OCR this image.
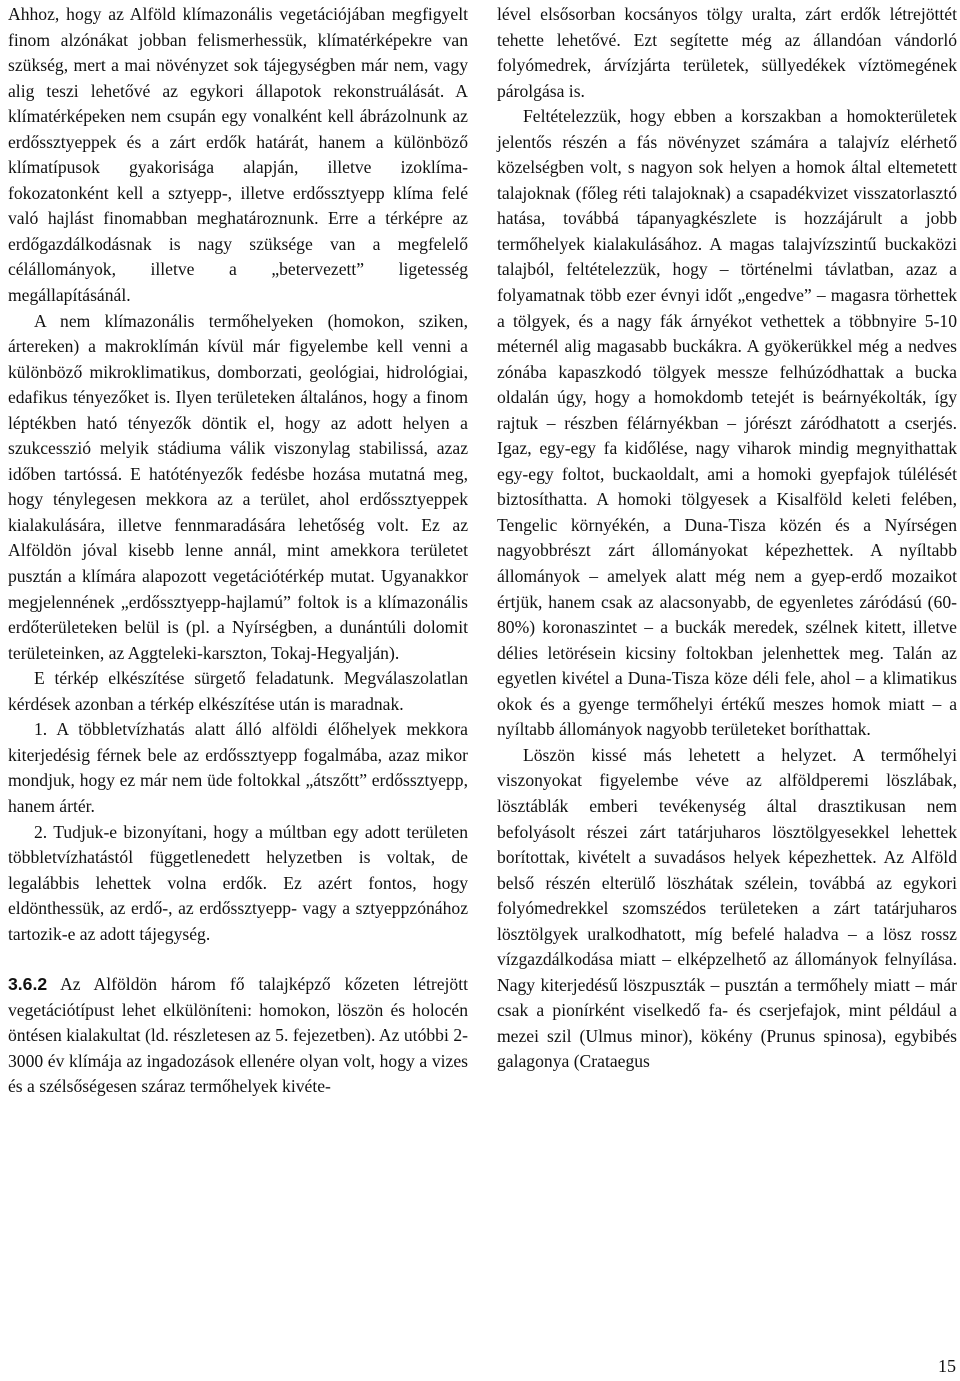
Ahhoz, hogy az Alföld klímazonális vegetációjában megfigyelt finom alzónákat jobban felismerhessük, klímatérképekre van szükség, mert a mai növényzet sok tájegységben már nem, vagy alig teszi lehetővé az egykori állapotok rekonstruálását. A klímatérképeken nem csupán egy vonalként kell ábrázolnunk az erdőssztyeppek és a zárt erdők határát, hanem a különböző klímatípusok gyakorisága alapján, illetve izoklíma-fokozatonként kell a sztyepp-, illetve erdőssztyepp klíma felé való hajlást finomabban meghatároznunk. Erre a térképre az erdőgazdálkodásnak is nagy szüksége van a megfelelő célállományok, illetve a „betervezett” ligetesség megállapításánál.

A nem klímazonális termőhelyeken (homokon, sziken, ártereken) a makroklímán kívül már figyelembe kell venni a különböző mikroklimatikus, domborzati, geológiai, hidrológiai, edafikus tényezőket is. Ilyen területeken általános, hogy a finom léptékben ható tényezők döntik el, hogy az adott helyen a szukcesszió melyik stádiuma válik viszonylag stabilissá, azaz időben tartóssá. E hatótényezők fedésbe hozása mutatná meg, hogy ténylegesen mekkora az a terület, ahol erdőssztyeppek kialakulására, illetve fennmaradására lehetőség volt. Ez az Alföldön jóval kisebb lenne annál, mint amekkora területet pusztán a klímára alapozott vegetációtérkép mutat. Ugyanakkor megjelennének „erdőssztyepp-hajlamú” foltok is a klímazonális erdőterületeken belül is (pl. a Nyírségben, a dunántúli dolomit területeinken, az Aggteleki-karszton, Tokaj-Hegyalján).

E térkép elkészítése sürgető feladatunk. Megválaszolatlan kérdések azonban a térkép elkészítése után is maradnak.

1. A többletvízhatás alatt álló alföldi élőhelyek mekkora kiterjedésig férnek bele az erdőssztyepp fogalmába, azaz mikor mondjuk, hogy ez már nem üde foltokkal „átszőtt” erdőssztyepp, hanem ártér.

2. Tudjuk-e bizonyítani, hogy a múltban egy adott területen többletvízhatástól függetlenedett helyzetben is voltak, de legalábbis lehettek volna erdők. Ez azért fontos, hogy eldönthessük, az erdő-, az erdőssztyepp- vagy a sztyeppzónához tartozik-e az adott tájegység.

3.6.2 Az Alföldön három fő talajképző kőzeten létrejött vegetációtípust lehet elkülöníteni: homokon, löszön és holocén öntésen kialakultat (ld. részletesen az 5. fejezetben). Az utóbbi 2-3000 év klímája az ingadozások ellenére olyan volt, hogy a vizes és a szélsőségesen száraz termőhelyek kivéte-

lével elsősorban kocsányos tölgy uralta, zárt erdők létrejöttét tehette lehetővé. Ezt segítette még az állandóan vándorló folyómedrek, árvízjárta területek, süllyedékek víztömegének párolgása is.

Feltételezzük, hogy ebben a korszakban a homokterületek jelentős részén a fás növényzet számára a talajvíz elérhető közelségben volt, s nagyon sok helyen a homok által eltemetett talajoknak (főleg réti talajoknak) a csapadékvizet visszatorlasztó hatása, továbbá tápanyagkészlete is hozzájárult a jobb termőhelyek kialakulásához. A magas talajvízszintű buckaközi talajból, feltételezzük, hogy – történelmi távlatban, azaz a folyamatnak több ezer évnyi időt „engedve” – magasra törhettek a tölgyek, és a nagy fák árnyékot vethettek a többnyire 5-10 méternél alig magasabb buckákra. A gyökerükkel még a nedves zónába kapaszkodó tölgyek messze felhúzódhattak a bucka oldalán úgy, hogy a homokdomb tetejét is beárnyékolták, így rajtuk – részben félárnyékban – jórészt záródhatott a cserjés. Igaz, egy-egy fa kidőlése, nagy viharok mindig megnyithattak egy-egy foltot, buckaoldalt, ami a homoki gyepfajok túlélését biztosíthatta. A homoki tölgyesek a Kisalföld keleti felében, Tengelic környékén, a Duna-Tisza közén és a Nyírségen nagyobbrészt zárt állományokat képezhettek. A nyíltabb állományok – amelyek alatt még nem a gyep-erdő mozaikot értjük, hanem csak az alacsonyabb, de egyenletes záródású (60-80%) koronaszintet – a buckák meredek, szélnek kitett, illetve délies letörésein kicsiny foltokban jelenhettek meg. Talán az egyetlen kivétel a Duna-Tisza köze déli fele, ahol – a klimatikus okok és a gyenge termőhelyi értékű meszes homok miatt – a nyíltabb állományok nagyobb területeket boríthattak.

Löszön kissé más lehetett a helyzet. A termőhelyi viszonyokat figyelembe véve az alföldperemi löszlábak, lösztáblák emberi tevékenység által drasztikusan nem befolyásolt részei zárt tatárjuharos lösztölgyesekkel lehettek borítottak, kivételt a suvadásos helyek képezhettek. Az Alföld belső részén elterülő löszhátak szélein, továbbá az egykori folyómedrekkel szomszédos területeken a zárt tatárjuharos lösztölgyek uralkodhatott, míg befelé haladva – a lösz rossz vízgazdálkodása miatt – elképzelhető az állományok felnyílása. Nagy kiterjedésű löszpuszták – pusztán a termőhely miatt – már csak a pionírként viselkedő fa- és cserjefajok, mint például a mezei szil (Ulmus minor), kökény (Prunus spinosa), egybibés galagonya (Crataegus

15
